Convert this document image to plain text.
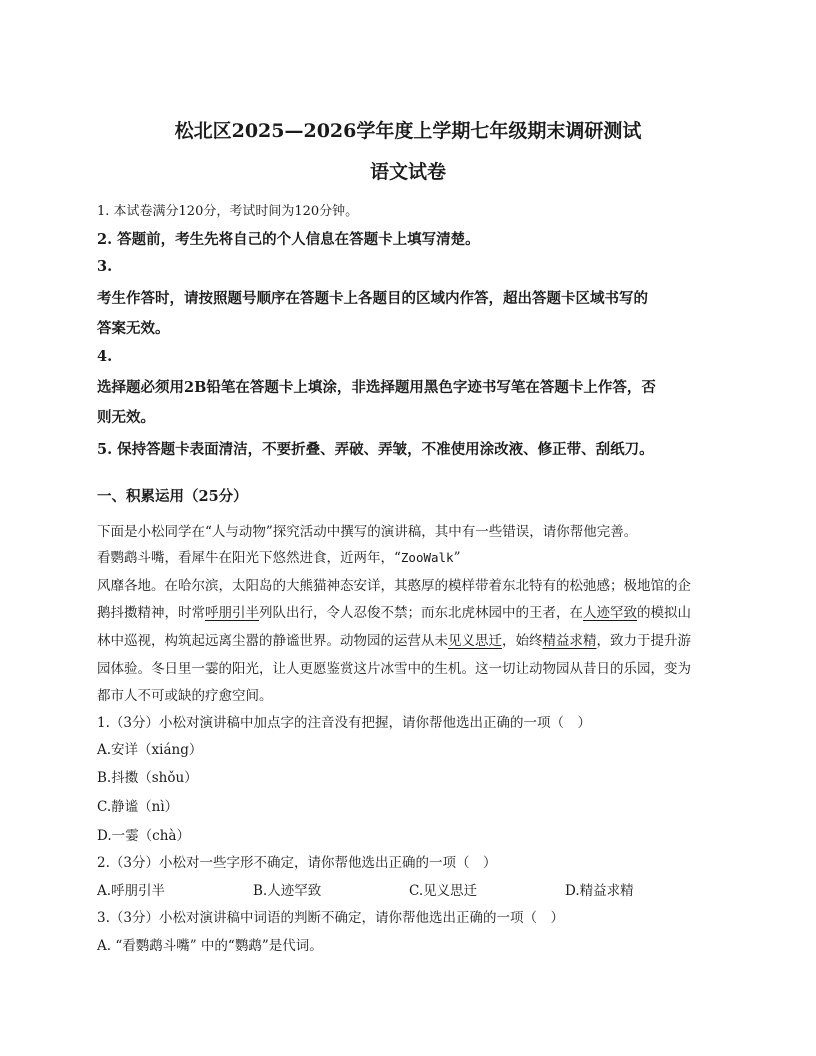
松北区2025—2026学年度上学期七年级期末调研测试
语文试卷
1. 本试卷满分120分，考试时间为120分钟。
2. 答题前，考生先将自己的个人信息在答题卡上填写清楚。
3.
考生作答时，请按照题号顺序在答题卡上各题目的区域内作答，超出答题卡区域书写的
答案无效。
4.
选择题必须用2B铅笔在答题卡上填涂，非选择题用黑色字迹书写笔在答题卡上作答，否
则无效。
5. 保持答题卡表面清洁，不要折叠、弄破、弄皱，不准使用涂改液、修正带、刮纸刀。
一、积累运用（25分）
下面是小松同学在“人与动物”探究活动中撰写的演讲稿，其中有一些错误，请你帮他完善。
看鹦鹉斗嘴，看犀牛在阳光下悠然进食，近两年，“ZooWalk”
风靡各地。在哈尔滨，太阳岛的大熊猫神态安详，其憨厚的模样带着东北特有的松弛感；极地馆的企
鹅抖擞精神，时常呼朋引半列队出行，令人忍俊不禁；而东北虎林园中的王者，在人迹罕致的模拟山
林中巡视，构筑起远离尘嚣的静谧世界。动物园的运营从未见义思迁，始终精益求精，致力于提升游
园体验。冬日里一霎的阳光，让人更愿鉴赏这片冰雪中的生机。这一切让动物园从昔日的乐园，变为
都市人不可或缺的疗愈空间。
1.（3分）小松对演讲稿中加点字的注音没有把握，请你帮他选出正确的一项（　）
A.安详（xiáng）
B.抖擞（shǒu）
C.静谧（nì）
D.一霎（chà）
2.（3分）小松对一些字形不确定，请你帮他选出正确的一项（　）
A.呼朋引半	B.人迹罕致	C.见义思迁	D.精益求精
3.（3分）小松对演讲稿中词语的判断不确定，请你帮他选出正确的一项（　）
A. “看鹦鹉斗嘴” 中的“鹦鹉”是代词。
